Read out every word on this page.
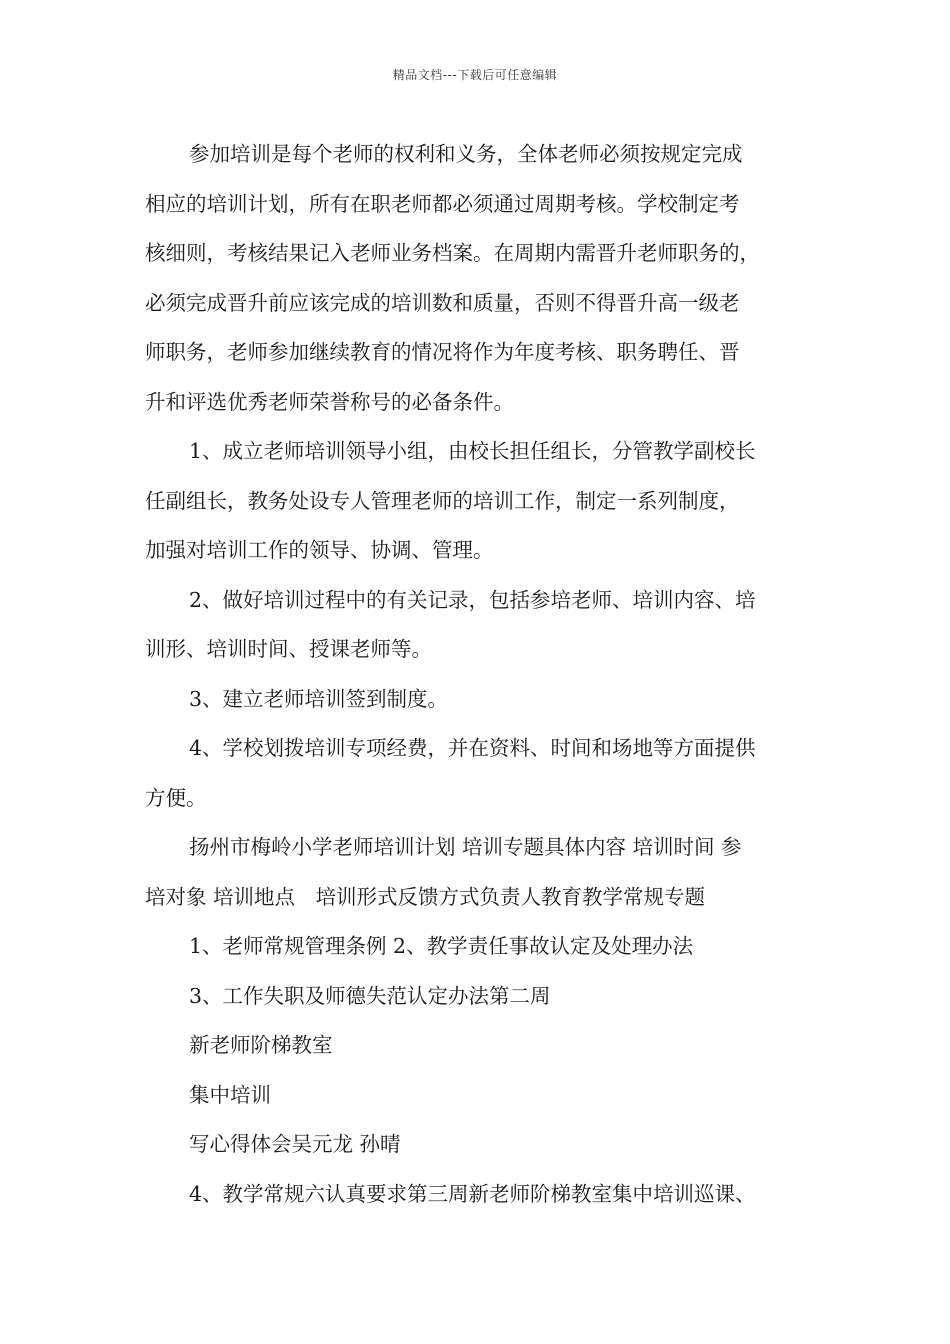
精品文档---下载后可任意编辑
参加培训是每个老师的权利和义务，全体老师必须按规定完成
相应的培训计划，所有在职老师都必须通过周期考核。学校制定考
核细则，考核结果记入老师业务档案。在周期内需晋升老师职务的，
必须完成晋升前应该完成的培训数和质量，否则不得晋升高一级老
师职务，老师参加继续教育的情况将作为年度考核、职务聘任、晋
升和评选优秀老师荣誉称号的必备条件。
1、成立老师培训领导小组，由校长担任组长，分管教学副校长
任副组长，教务处设专人管理老师的培训工作，制定一系列制度，
加强对培训工作的领导、协调、管理。
2、做好培训过程中的有关记录，包括参培老师、培训内容、培
训形、培训时间、授课老师等。
3、建立老师培训签到制度。
4、学校划拨培训专项经费，并在资料、时间和场地等方面提供
方便。
扬州市梅岭小学老师培训计划 培训专题具体内容 培训时间 参
培对象 培训地点　培训形式反馈方式负责人教育教学常规专题
1、老师常规管理条例 2、教学责任事故认定及处理办法
3、工作失职及师德失范认定办法第二周
新老师阶梯教室
集中培训
写心得体会吴元龙 孙晴
4、教学常规六认真要求第三周新老师阶梯教室集中培训巡课、
